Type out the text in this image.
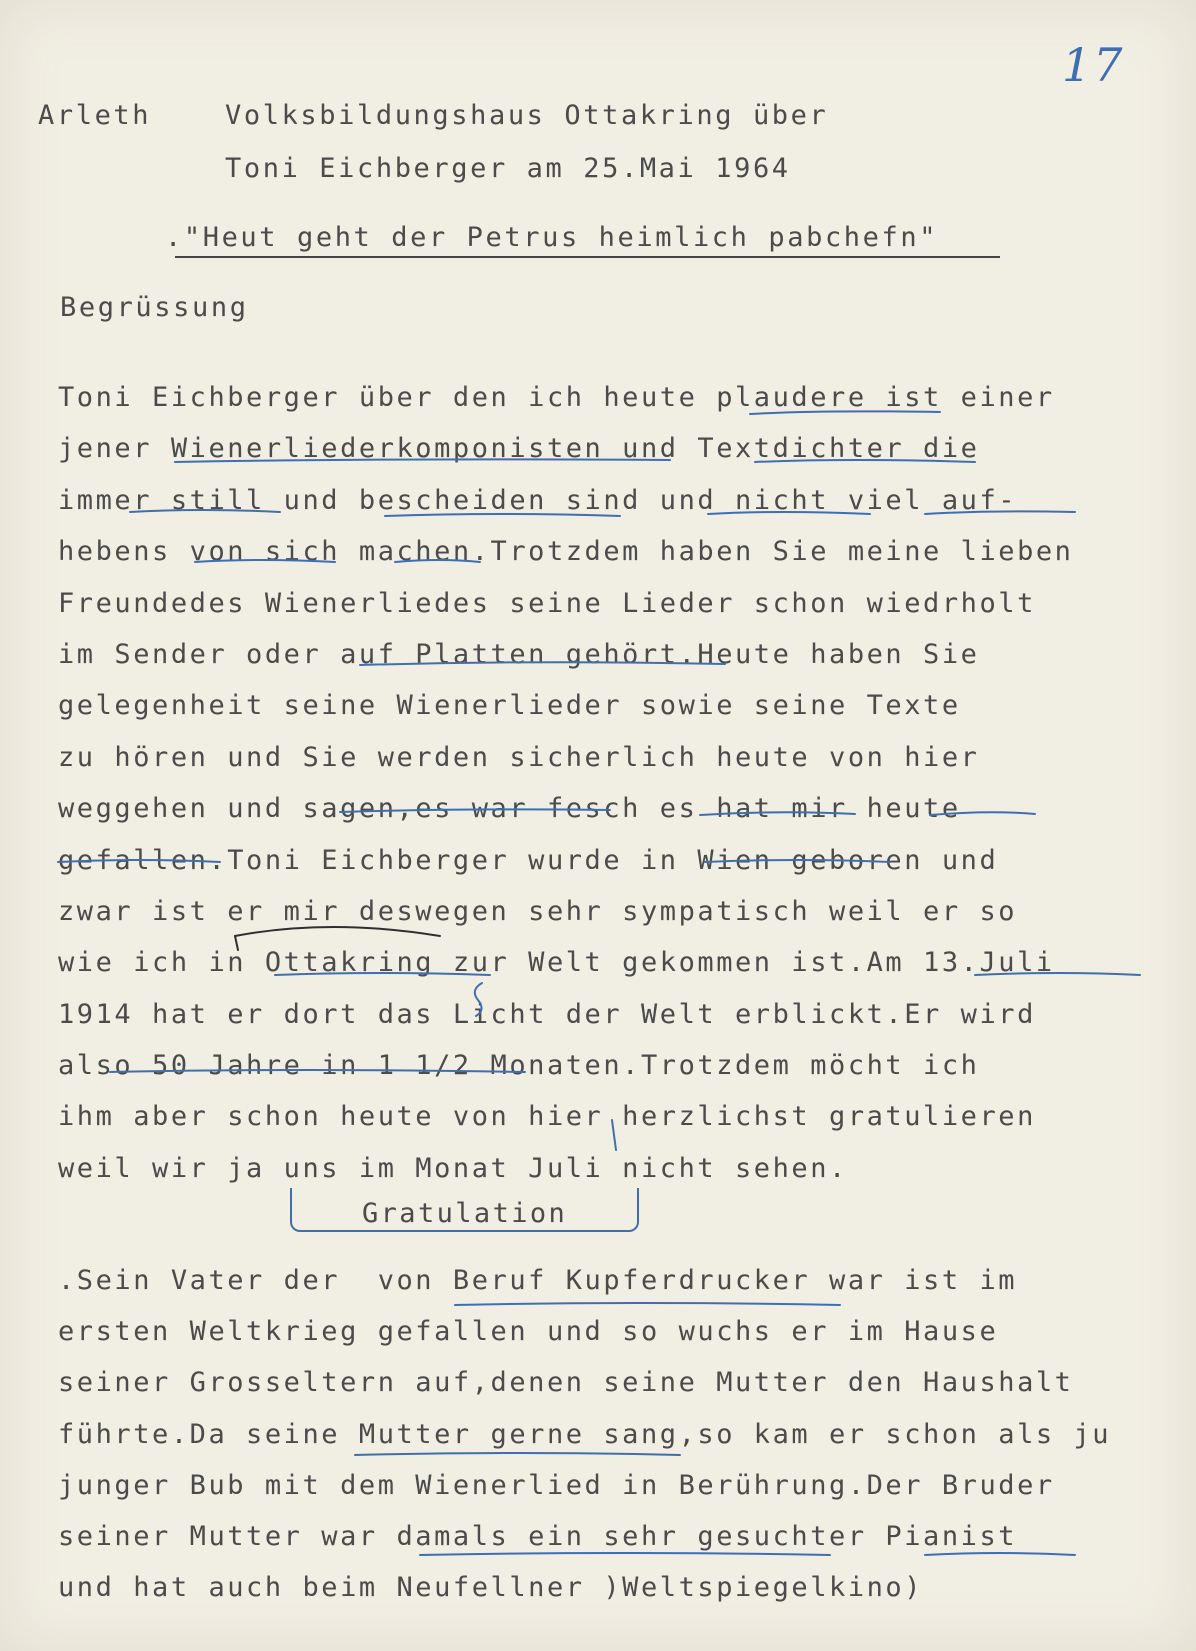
17
Arleth	Volksbildungshaus Ottakring über
Toni Eichberger am 25.Mai 1964
."Heut geht der Petrus heimlich pabchefn"
Begrüssung
Toni Eichberger über den ich heute plaudere ist einer
jener Wienerliederkomponisten und Textdichter die
immer still und bescheiden sind und nicht viel auf-
hebens von sich machen.Trotzdem haben Sie meine lieben
Freundedes Wienerliedes seine Lieder schon wiedrholt
im Sender oder auf Platten gehört.Heute haben Sie
gelegenheit seine Wienerlieder sowie seine Texte
zu hören und Sie werden sicherlich heute von hier
weggehen und sagen,es war fesch es hat mir heute
gefallen.Toni Eichberger wurde in Wien geboren und
zwar ist er mir deswegen sehr sympatisch weil er so
wie ich in Ottakring zur Welt gekommen ist.Am 13.Juli
1914 hat er dort das Licht der Welt erblickt.Er wird
also 50 Jahre in 1 1/2 Monaten.Trotzdem möcht ich
ihm aber schon heute von hier herzlichst gratulieren
weil wir ja uns im Monat Juli nicht sehen.
Gratulation
.Sein Vater der  von Beruf Kupferdrucker war ist im
ersten Weltkrieg gefallen und so wuchs er im Hause
seiner Grosseltern auf,denen seine Mutter den Haushalt
führte.Da seine Mutter gerne sang,so kam er schon als ju
junger Bub mit dem Wienerlied in Berührung.Der Bruder
seiner Mutter war damals ein sehr gesuchter Pianist
und hat auch beim Neufellner )Weltspiegelkino)
